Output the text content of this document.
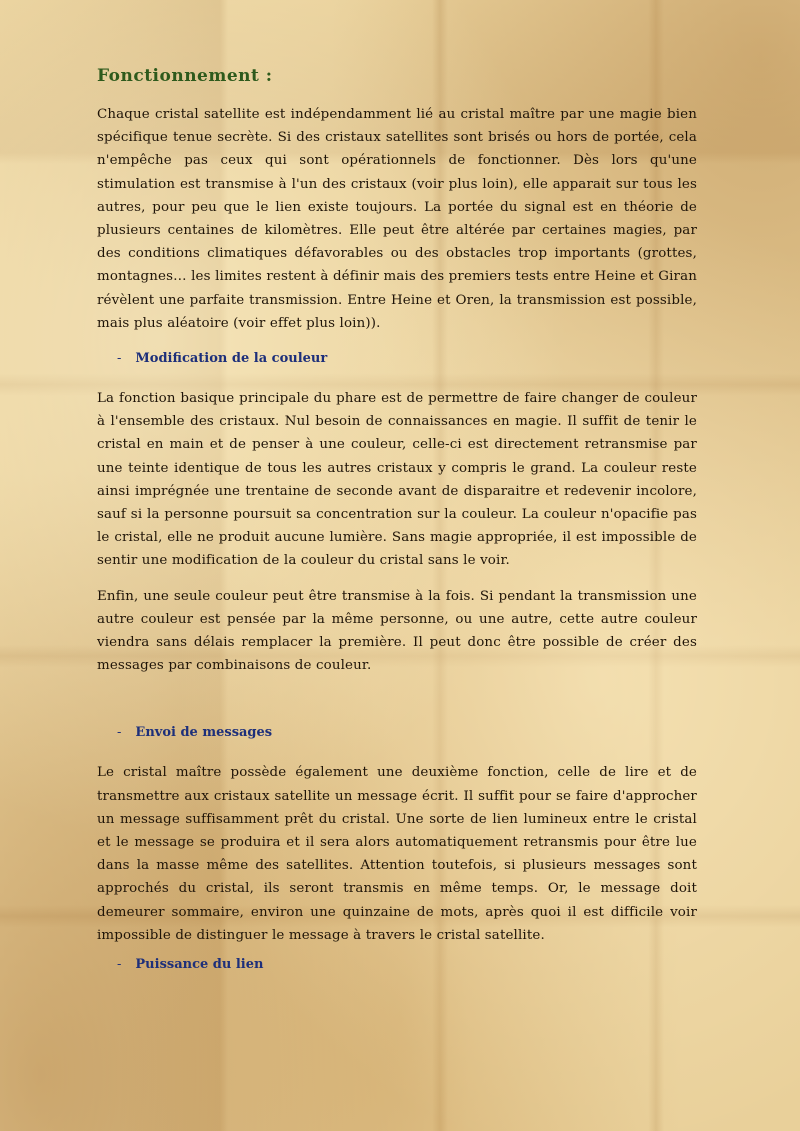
Fonctionnement :

Chaque cristal satellite est indépendamment lié au cristal maître par une magie bien spécifique tenue secrète. Si des cristaux satellites sont brisés ou hors de portée, cela n'empêche pas ceux qui sont opérationnels de fonctionner. Dès lors qu'une stimulation est transmise à l'un des cristaux (voir plus loin), elle apparait sur tous les autres, pour peu que le lien existe toujours. La portée du signal est en théorie de plusieurs centaines de kilomètres. Elle peut être altérée par certaines magies, par des conditions climatiques défavorables ou des obstacles trop importants (grottes, montagnes… les limites restent à définir mais des premiers tests entre Heine et Giran révèlent une parfaite transmission. Entre Heine et Oren, la transmission est possible, mais plus aléatoire (voir effet plus loin)).

- Modification de la couleur

La fonction basique principale du phare est de permettre de faire changer de couleur à l'ensemble des cristaux. Nul besoin de connaissances en magie. Il suffit de tenir le cristal en main et de penser à une couleur, celle-ci est directement retransmise par une teinte identique de tous les autres cristaux y compris le grand. La couleur reste ainsi imprégnée une trentaine de seconde avant de disparaitre et redevenir incolore, sauf si la personne poursuit sa concentration sur la couleur. La couleur n'opacifie pas le cristal, elle ne produit aucune lumière. Sans magie appropriée, il est impossible de sentir une modification de la couleur du cristal sans le voir.

Enfin, une seule couleur peut être transmise à la fois. Si pendant la transmission une autre couleur est pensée par la même personne, ou une autre, cette autre couleur viendra sans délais remplacer la première. Il peut donc être possible de créer des messages par combinaisons de couleur.

- Envoi de messages

Le cristal maître possède également une deuxième fonction, celle de lire et de transmettre aux cristaux satellite un message écrit. Il suffit pour se faire d'approcher un message suffisamment prêt du cristal. Une sorte de lien lumineux entre le cristal et le message se produira et il sera alors automatiquement retransmis pour être lue dans la masse même des satellites. Attention toutefois, si plusieurs messages sont approchés du cristal, ils seront transmis en même temps. Or, le message doit demeurer sommaire, environ une quinzaine de mots, après quoi il est difficile voir impossible de distinguer le message à travers le cristal satellite.

- Puissance du lien
